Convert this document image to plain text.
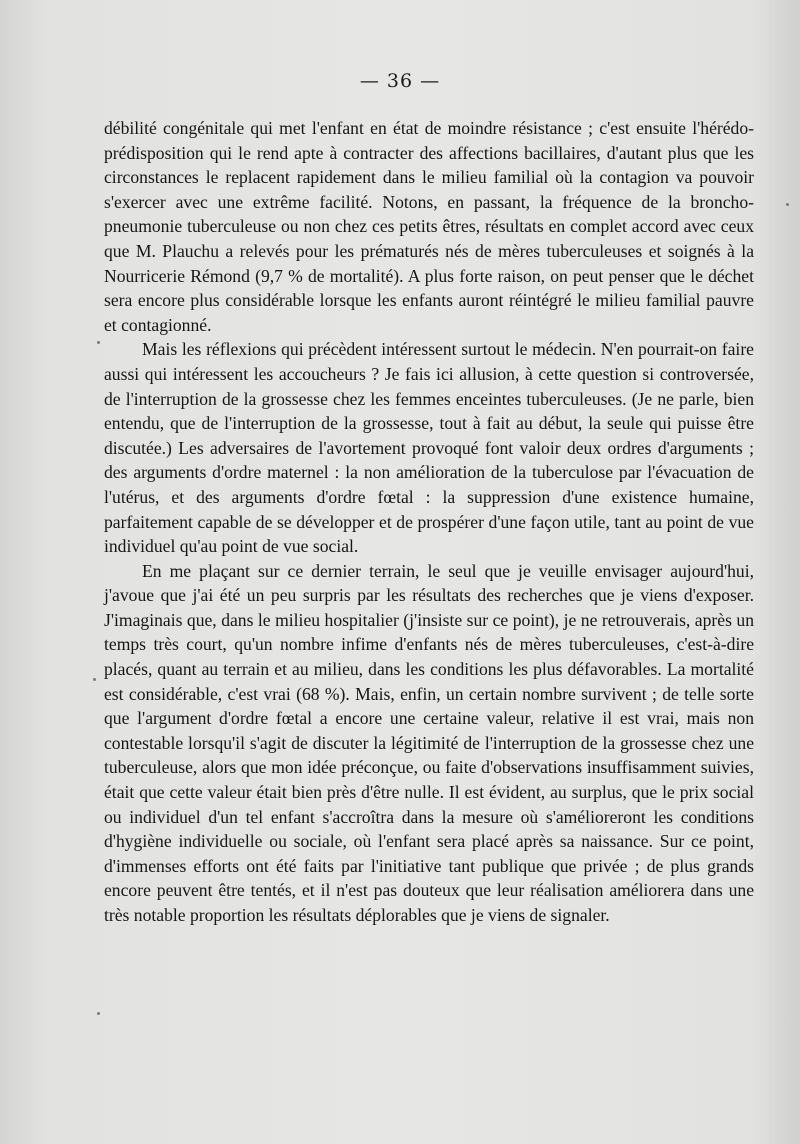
— 36 —

débilité congénitale qui met l'enfant en état de moindre résistance ; c'est ensuite l'hérédo-prédisposition qui le rend apte à contracter des affections bacillaires, d'autant plus que les circonstances le replacent rapidement dans le milieu familial où la contagion va pouvoir s'exercer avec une extrême facilité. Notons, en passant, la fréquence de la broncho-pneumonie tuberculeuse ou non chez ces petits êtres, résultats en complet accord avec ceux que M. Plauchu a relevés pour les prématurés nés de mères tuberculeuses et soignés à la Nourricerie Rémond (9,7 % de mortalité). A plus forte raison, on peut penser que le déchet sera encore plus considérable lorsque les enfants auront réintégré le milieu familial pauvre et contagionné.

Mais les réflexions qui précèdent intéressent surtout le médecin. N'en pourrait-on faire aussi qui intéressent les accoucheurs ? Je fais ici allusion, à cette question si controversée, de l'interruption de la grossesse chez les femmes enceintes tuberculeuses. (Je ne parle, bien entendu, que de l'interruption de la grossesse, tout à fait au début, la seule qui puisse être discutée.) Les adversaires de l'avortement provoqué font valoir deux ordres d'arguments ; des arguments d'ordre maternel : la non amélioration de la tuberculose par l'évacuation de l'utérus, et des arguments d'ordre fœtal : la suppression d'une existence humaine, parfaitement capable de se développer et de prospérer d'une façon utile, tant au point de vue individuel qu'au point de vue social.

En me plaçant sur ce dernier terrain, le seul que je veuille envisager aujourd'hui, j'avoue que j'ai été un peu surpris par les résultats des recherches que je viens d'exposer. J'imaginais que, dans le milieu hospitalier (j'insiste sur ce point), je ne retrouverais, après un temps très court, qu'un nombre infime d'enfants nés de mères tuberculeuses, c'est-à-dire placés, quant au terrain et au milieu, dans les conditions les plus défavorables. La mortalité est considérable, c'est vrai (68 %). Mais, enfin, un certain nombre survivent ; de telle sorte que l'argument d'ordre fœtal a encore une certaine valeur, relative il est vrai, mais non contestable lorsqu'il s'agit de discuter la légitimité de l'interruption de la grossesse chez une tuberculeuse, alors que mon idée préconçue, ou faite d'observations insuffisamment suivies, était que cette valeur était bien près d'être nulle. Il est évident, au surplus, que le prix social ou individuel d'un tel enfant s'accroîtra dans la mesure où s'amélioreront les conditions d'hygiène individuelle ou sociale, où l'enfant sera placé après sa naissance. Sur ce point, d'immenses efforts ont été faits par l'initiative tant publique que privée ; de plus grands encore peuvent être tentés, et il n'est pas douteux que leur réalisation améliorera dans une très notable proportion les résultats déplorables que je viens de signaler.
